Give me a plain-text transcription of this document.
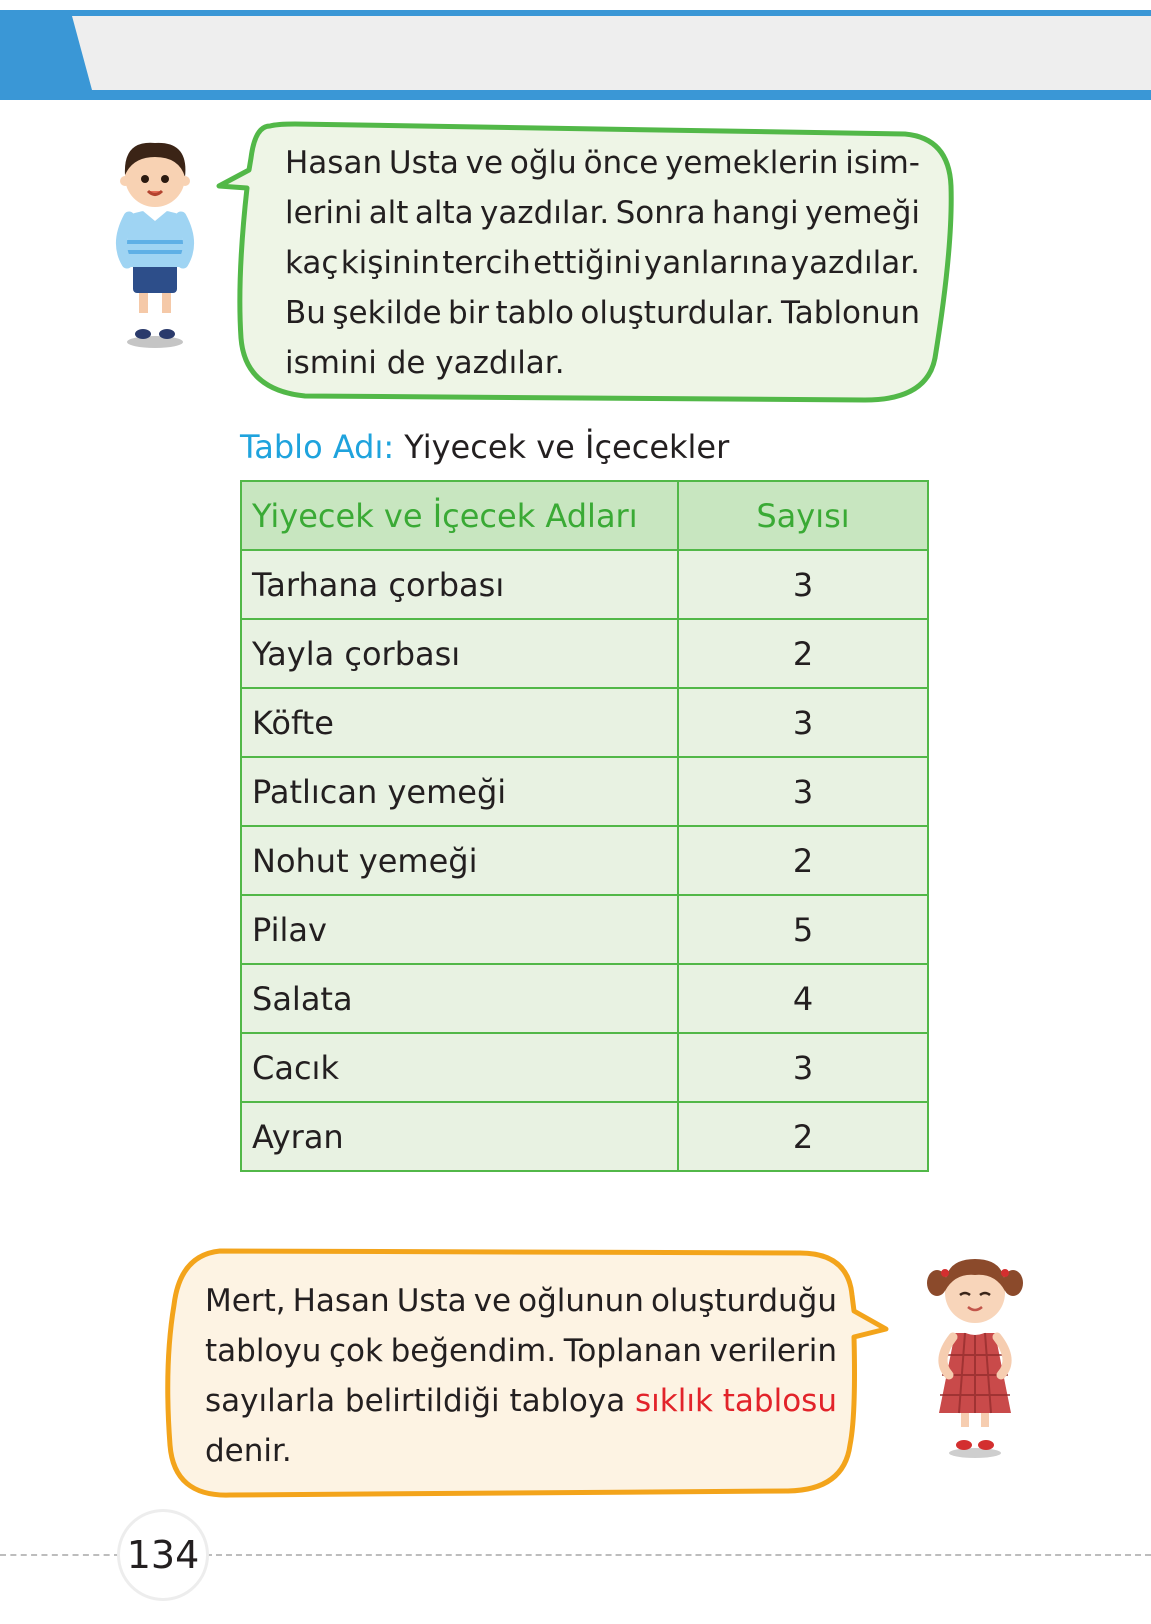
Hasan Usta ve oğlu önce yemeklerin isim-
lerini alt alta yazdılar. Sonra hangi yemeği
kaç kişinin tercih ettiğini yanlarına yazdılar.
Bu şekilde bir tablo oluşturdular. Tablonun
ismini de yazdılar.
Tablo Adı: Yiyecek ve İçecekler
Yiyecek ve İçecek Adları	Sayısı
Tarhana çorbası	3
Yayla çorbası	2
Köfte	3
Patlıcan yemeği	3
Nohut yemeği	2
Pilav	5
Salata	4
Cacık	3
Ayran	2
Mert, Hasan Usta ve oğlunun oluşturduğu
tabloyu çok beğendim. Toplanan verilerin
sayılarla belirtildiği tabloya sıklık tablosu
denir.
134
